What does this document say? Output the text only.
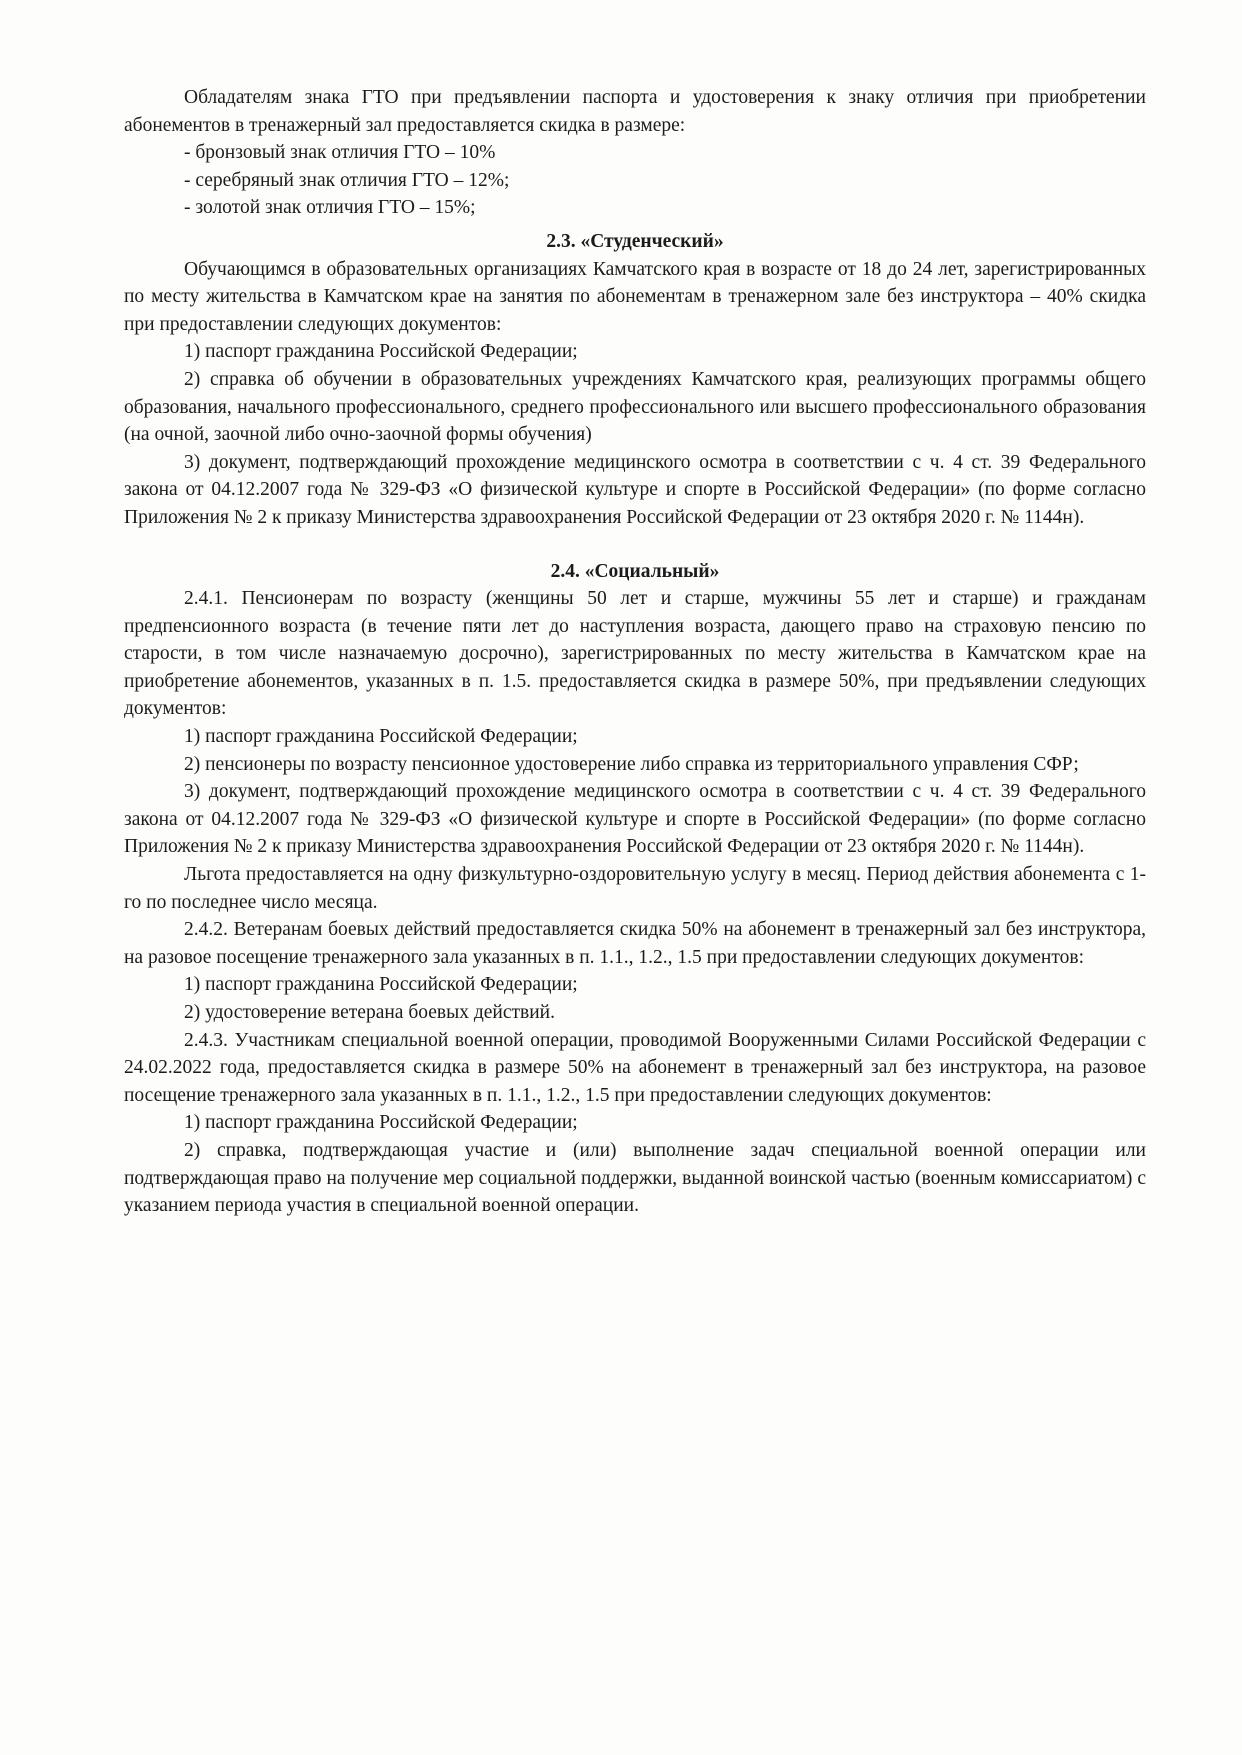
Обладателям знака ГТО при предъявлении паспорта и удостоверения к знаку отличия при приобретении абонементов в тренажерный зал предоставляется скидка в размере:

- бронзовый знак отличия ГТО – 10%

- серебряный знак отличия ГТО – 12%;

- золотой знак отличия ГТО – 15%;

2.3. «Студенческий»

Обучающимся в образовательных организациях Камчатского края в возрасте от 18 до 24 лет, зарегистрированных по месту жительства в Камчатском крае на занятия по абонементам в тренажерном зале без инструктора – 40% скидка при предоставлении следующих документов:

1) паспорт гражданина Российской Федерации;

2) справка об обучении в образовательных учреждениях Камчатского края, реализующих программы общего образования, начального профессионального, среднего профессионального или высшего профессионального образования (на очной, заочной либо очно-заочной формы обучения)

3) документ, подтверждающий прохождение медицинского осмотра в соответствии с ч. 4 ст. 39 Федерального закона от 04.12.2007 года № 329-ФЗ «О физической культуре и спорте в Российской Федерации» (по форме согласно Приложения № 2 к приказу Министерства здравоохранения Российской Федерации от 23 октября 2020 г. № 1144н).

2.4. «Социальный»

2.4.1. Пенсионерам по возрасту (женщины 50 лет и старше, мужчины 55 лет и старше) и гражданам предпенсионного возраста (в течение пяти лет до наступления возраста, дающего право на страховую пенсию по старости, в том числе назначаемую досрочно), зарегистрированных по месту жительства в Камчатском крае на приобретение абонементов, указанных в п. 1.5. предоставляется скидка в размере 50%, при предъявлении следующих документов:

1) паспорт гражданина Российской Федерации;

2) пенсионеры по возрасту пенсионное удостоверение либо справка из территориального управления СФР;

3) документ, подтверждающий прохождение медицинского осмотра в соответствии с ч. 4 ст. 39 Федерального закона от 04.12.2007 года № 329-ФЗ «О физической культуре и спорте в Российской Федерации» (по форме согласно Приложения № 2 к приказу Министерства здравоохранения Российской Федерации от 23 октября 2020 г. № 1144н).

Льгота предоставляется на одну физкультурно-оздоровительную услугу в месяц. Период действия абонемента с 1-го по последнее число месяца.

2.4.2. Ветеранам боевых действий предоставляется скидка 50% на абонемент в тренажерный зал без инструктора, на разовое посещение тренажерного зала указанных в п. 1.1., 1.2., 1.5 при предоставлении следующих документов:

1) паспорт гражданина Российской Федерации;

2) удостоверение ветерана боевых действий.

2.4.3. Участникам специальной военной операции, проводимой Вооруженными Силами Российской Федерации с 24.02.2022 года, предоставляется скидка в размере 50% на абонемент в тренажерный зал без инструктора, на разовое посещение тренажерного зала указанных в п. 1.1., 1.2., 1.5 при предоставлении следующих документов:

1) паспорт гражданина Российской Федерации;

2) справка, подтверждающая участие и (или) выполнение задач специальной военной операции или подтверждающая право на получение мер социальной поддержки, выданной воинской частью (военным комиссариатом) с указанием периода участия в специальной военной операции.
